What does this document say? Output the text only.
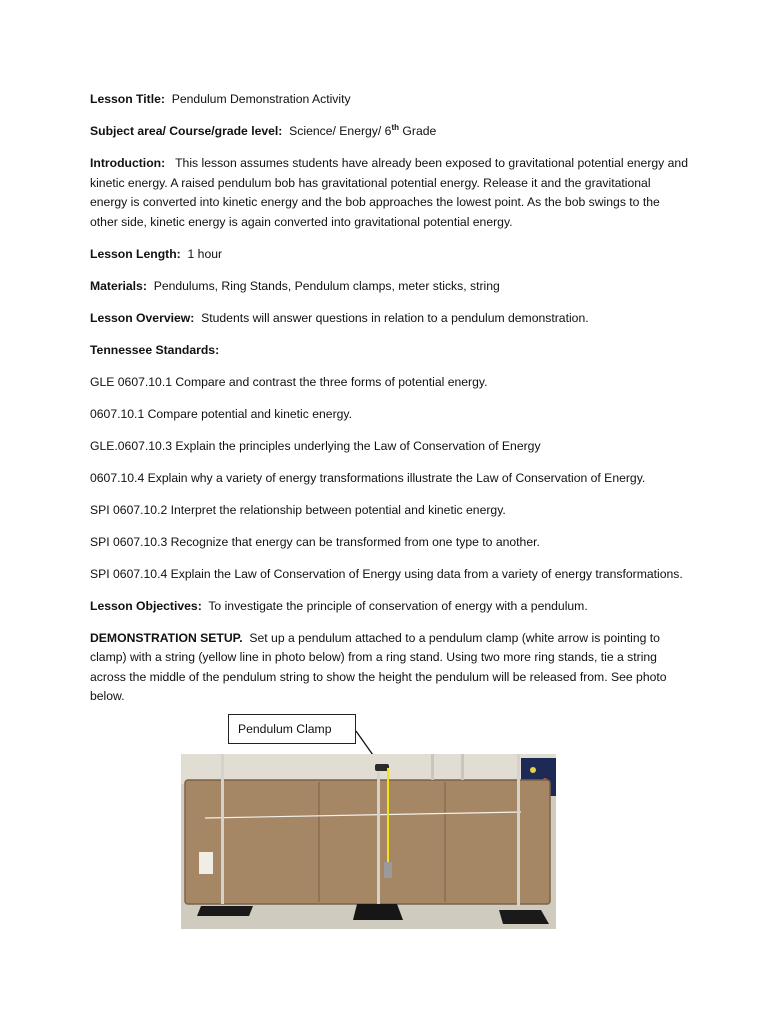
Lesson Title: Pendulum Demonstration Activity

Subject area/ Course/grade level: Science/ Energy/ 6th Grade

Introduction: This lesson assumes students have already been exposed to gravitational potential energy and kinetic energy. A raised pendulum bob has gravitational potential energy. Release it and the gravitational energy is converted into kinetic energy and the bob approaches the lowest point. As the bob swings to the other side, kinetic energy is again converted into gravitational potential energy.

Lesson Length: 1 hour

Materials: Pendulums, Ring Stands, Pendulum clamps, meter sticks, string

Lesson Overview: Students will answer questions in relation to a pendulum demonstration.

Tennessee Standards:

GLE 0607.10.1 Compare and contrast the three forms of potential energy.

0607.10.1 Compare potential and kinetic energy.

GLE.0607.10.3 Explain the principles underlying the Law of Conservation of Energy

0607.10.4 Explain why a variety of energy transformations illustrate the Law of Conservation of Energy.

SPI 0607.10.2 Interpret the relationship between potential and kinetic energy.

SPI 0607.10.3 Recognize that energy can be transformed from one type to another.

SPI 0607.10.4 Explain the Law of Conservation of Energy using data from a variety of energy transformations.

Lesson Objectives: To investigate the principle of conservation of energy with a pendulum.

DEMONSTRATION SETUP. Set up a pendulum attached to a pendulum clamp (white arrow is pointing to clamp) with a string (yellow line in photo below) from a ring stand. Using two more ring stands, tie a string across the middle of the pendulum string to show the height the pendulum will be released from. See photo below.

Pendulum Clamp
